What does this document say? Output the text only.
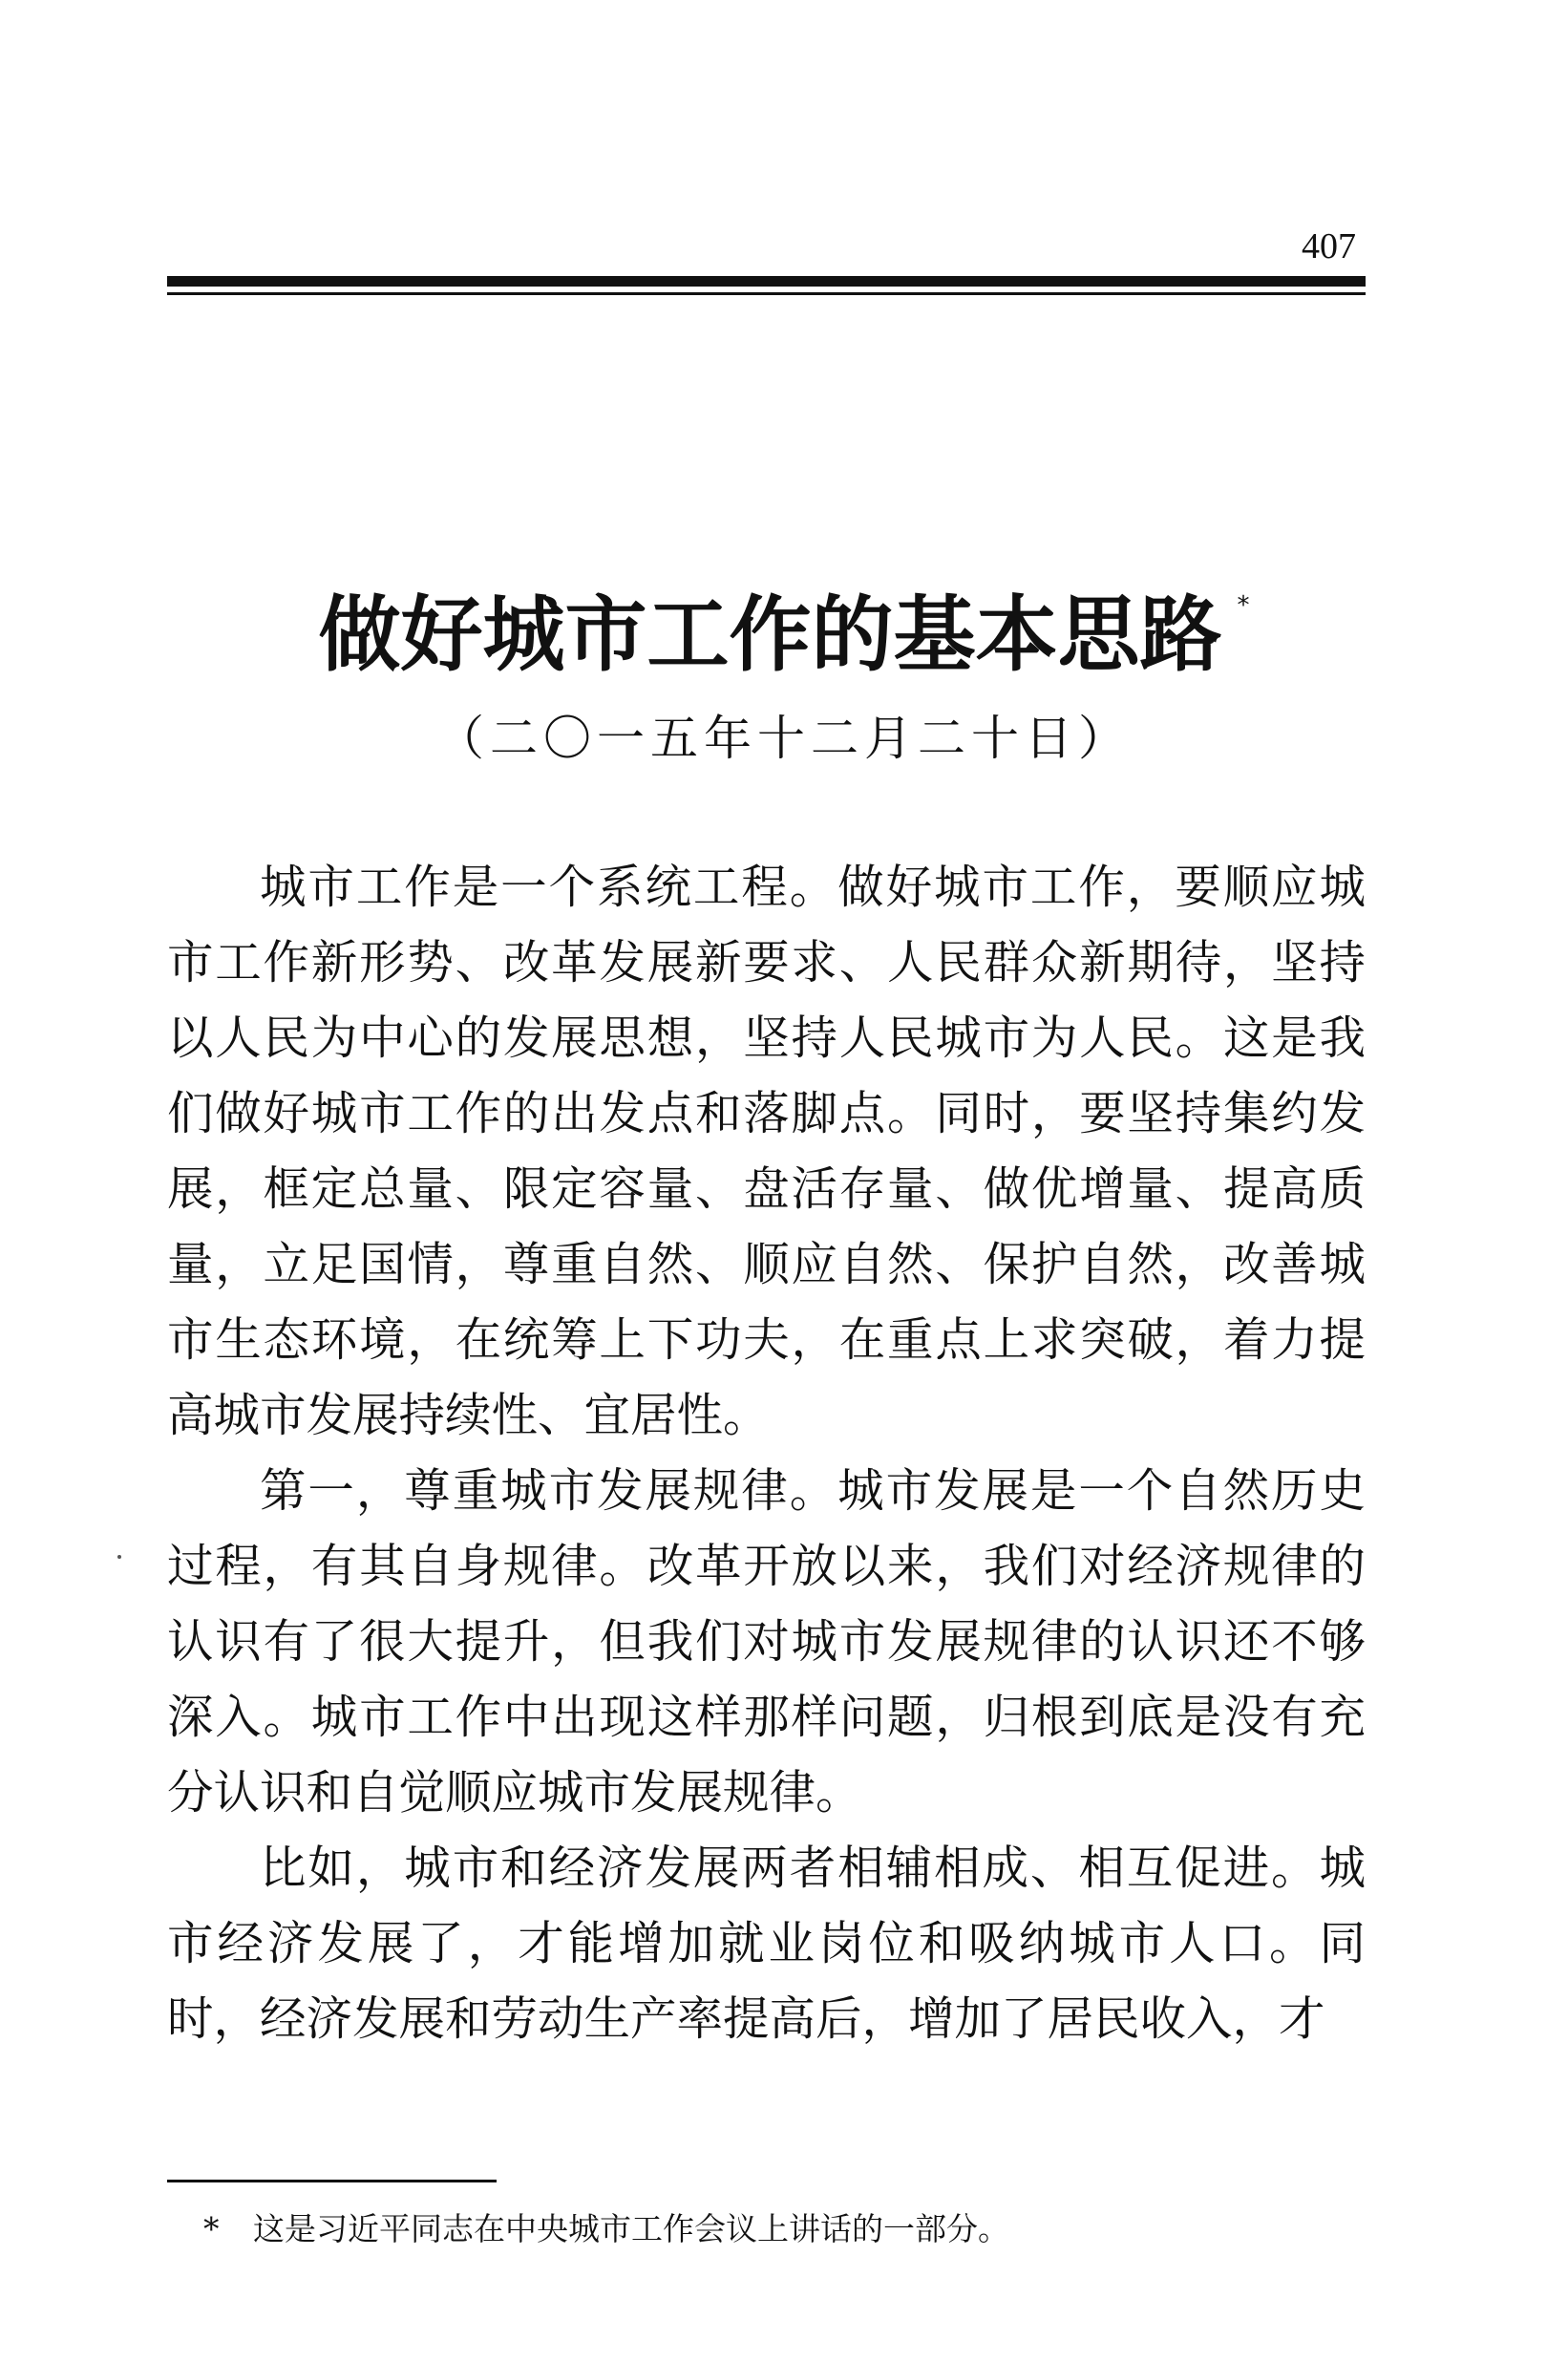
407
做好城市工作的基本思路 *
（二〇一五年十二月二十日）

城市工作是一个系统工程。做好城市工作，要顺应城市工作新形势、改革发展新要求、人民群众新期待，坚持以人民为中心的发展思想，坚持人民城市为人民。这是我们做好城市工作的出发点和落脚点。同时，要坚持集约发展，框定总量、限定容量、盘活存量、做优增量、提高质量，立足国情，尊重自然、顺应自然、保护自然，改善城市生态环境，在统筹上下功夫，在重点上求突破，着力提高城市发展持续性、宜居性。

第一，尊重城市发展规律。城市发展是一个自然历史过程，有其自身规律。改革开放以来，我们对经济规律的认识有了很大提升，但我们对城市发展规律的认识还不够深入。城市工作中出现这样那样问题，归根到底是没有充分认识和自觉顺应城市发展规律。

比如，城市和经济发展两者相辅相成、相互促进。城市经济发展了，才能增加就业岗位和吸纳城市人口。同时，经济发展和劳动生产率提高后，增加了居民收入，才

* 这是习近平同志在中央城市工作会议上讲话的一部分。
